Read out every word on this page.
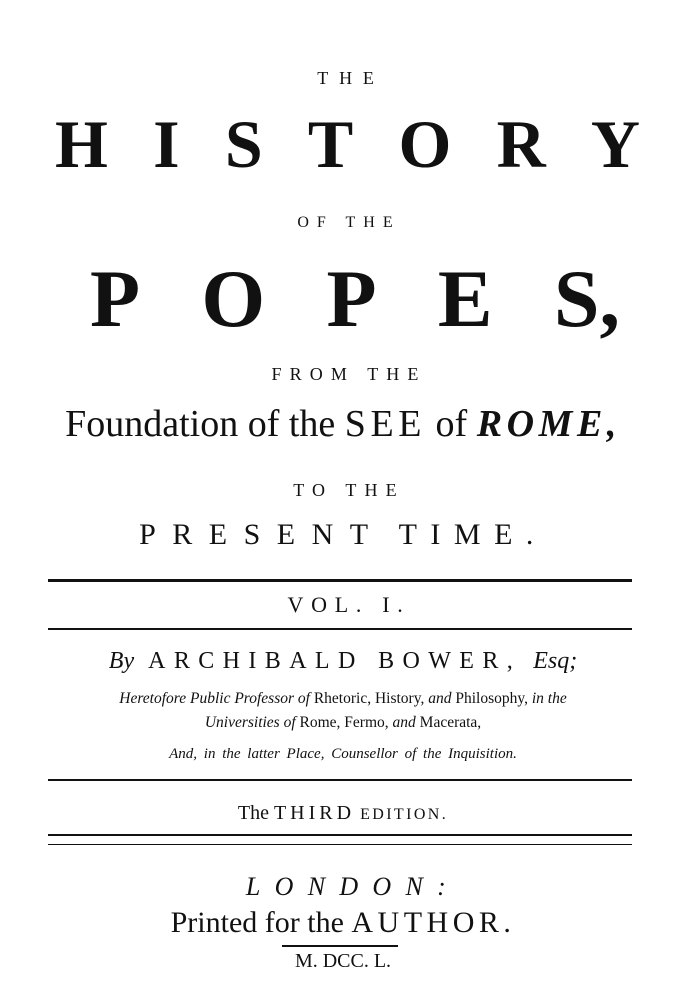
THE
H I S T O R Y
OF THE
P O P E S,
FROM THE
Foundation of the SEE of ROME,
TO THE
PRESENT TIME.
VOL. I.
By ARCHIBALD BOWER, Esq;
Heretofore Public Professor of Rhetoric, History, and Philosophy, in the
Universities of Rome, Fermo, and Macerata,
And, in the latter Place, Counsellor of the Inquisition.
The THIRD EDITION.
LONDON:
Printed for the AUTHOR.
M. DCC. L.
